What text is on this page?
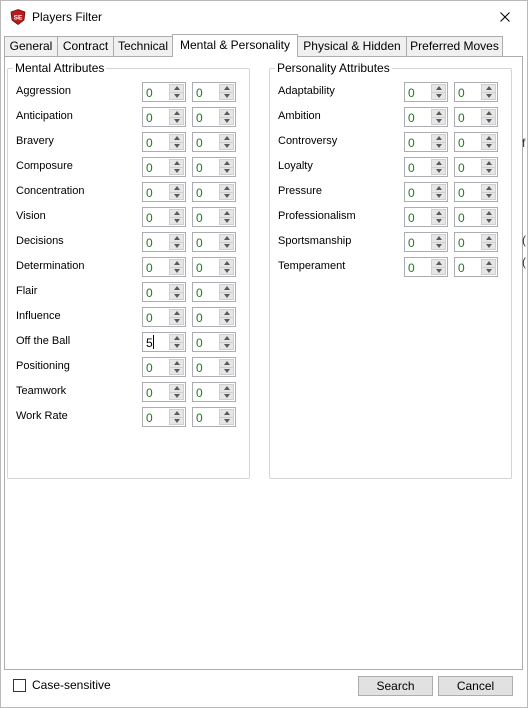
SE Players Filter
General Contract Technical Mental & Personality	Physical & Hidden Preferred Moves
Mental Attributes
Aggression	0	0
Anticipation	0	0
Bravery	0	0
Composure	0	0
Concentration	0	0
Vision	0	0
Decisions	0	0
Determination	0	0
Flair	0	0
Influence	0	0
Off the Ball	5	0
Positioning	0	0
Teamwork	0	0
Work Rate	0	0
Personality Attributes
Adaptability	0	0
Ambition	0	0
Controversy	0	0
Loyalty	0	0
Pressure	0	0
Professionalism	0	0
Sportsmanship	0	0
Temperament	0	0
Case-sensitive	Search	Cancel
f
(
(
